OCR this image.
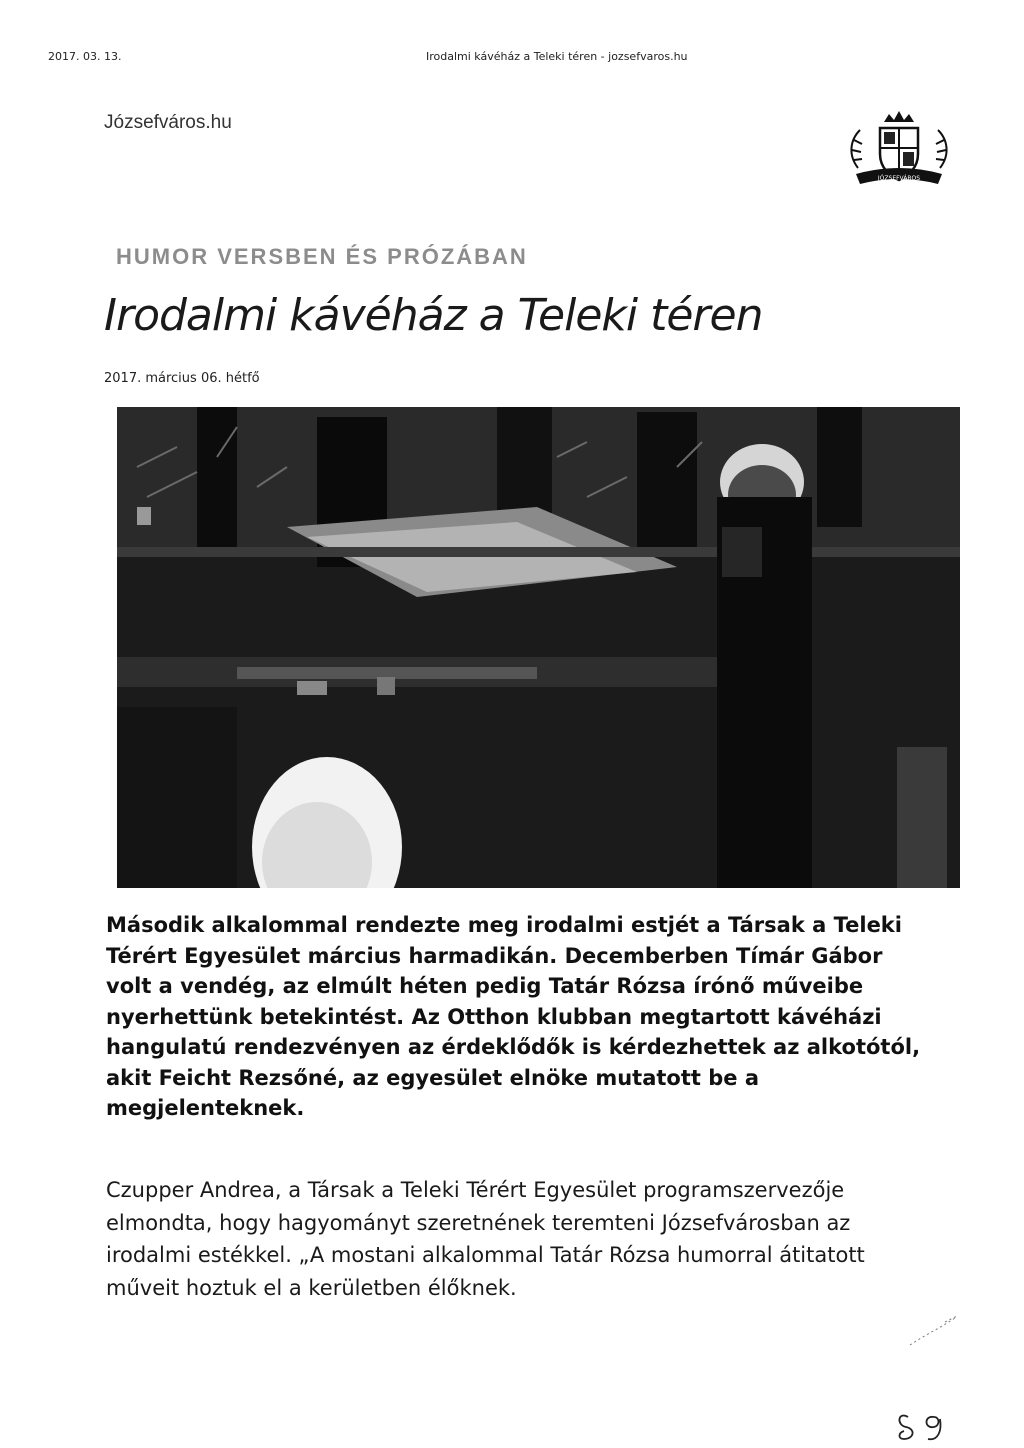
2017. 03. 13.	Irodalmi kávéház a Teleki téren - jozsefvaros.hu
Józsefváros.hu
JÓZSEFVÁROS
HUMOR VERSBEN ÉS PRÓZÁBAN
Irodalmi kávéház a Teleki téren
2017. március 06. hétfő

Második alkalommal rendezte meg irodalmi estjét a Társak a Teleki Térért Egyesület március harmadikán. Decemberben Tímár Gábor volt a vendég, az elmúlt héten pedig Tatár Rózsa írónő műveibe nyerhettünk betekintést. Az Otthon klubban megtartott kávéházi hangulatú rendezvényen az érdeklődők is kérdezhettek az alkotótól, akit Feicht Rezsőné, az egyesület elnöke mutatott be a megjelenteknek.

Czupper Andrea, a Társak a Teleki Térért Egyesület programszervezője elmondta, hogy hagyományt szeretnének teremteni Józsefvárosban az irodalmi estékkel. „A mostani alkalommal Tatár Rózsa humorral átitatott műveit hoztuk el a kerületben élőknek.

89
